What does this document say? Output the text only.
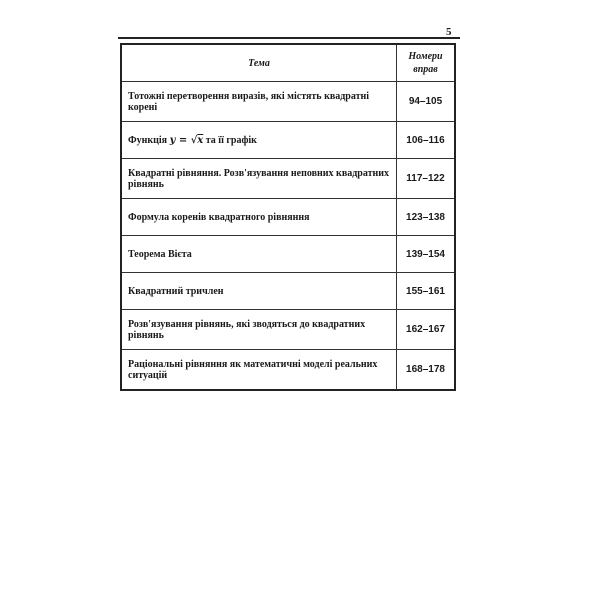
5
Тема	Номери
вправ
Тотожні перетворення виразів, які містять квадратні корені	94–105
Функція y = √x та її графік	106–116
Квадратні рівняння. Розв'язування неповних квадратних рівнянь	117–122
Формула коренів квадратного рівняння	123–138
Теорема Вієта	139–154
Квадратний тричлен	155–161
Розв'язування рівнянь, які зводяться до квадратних рівнянь	162–167
Раціональні рівняння як математичні моделі реальних ситуацій	168–178
